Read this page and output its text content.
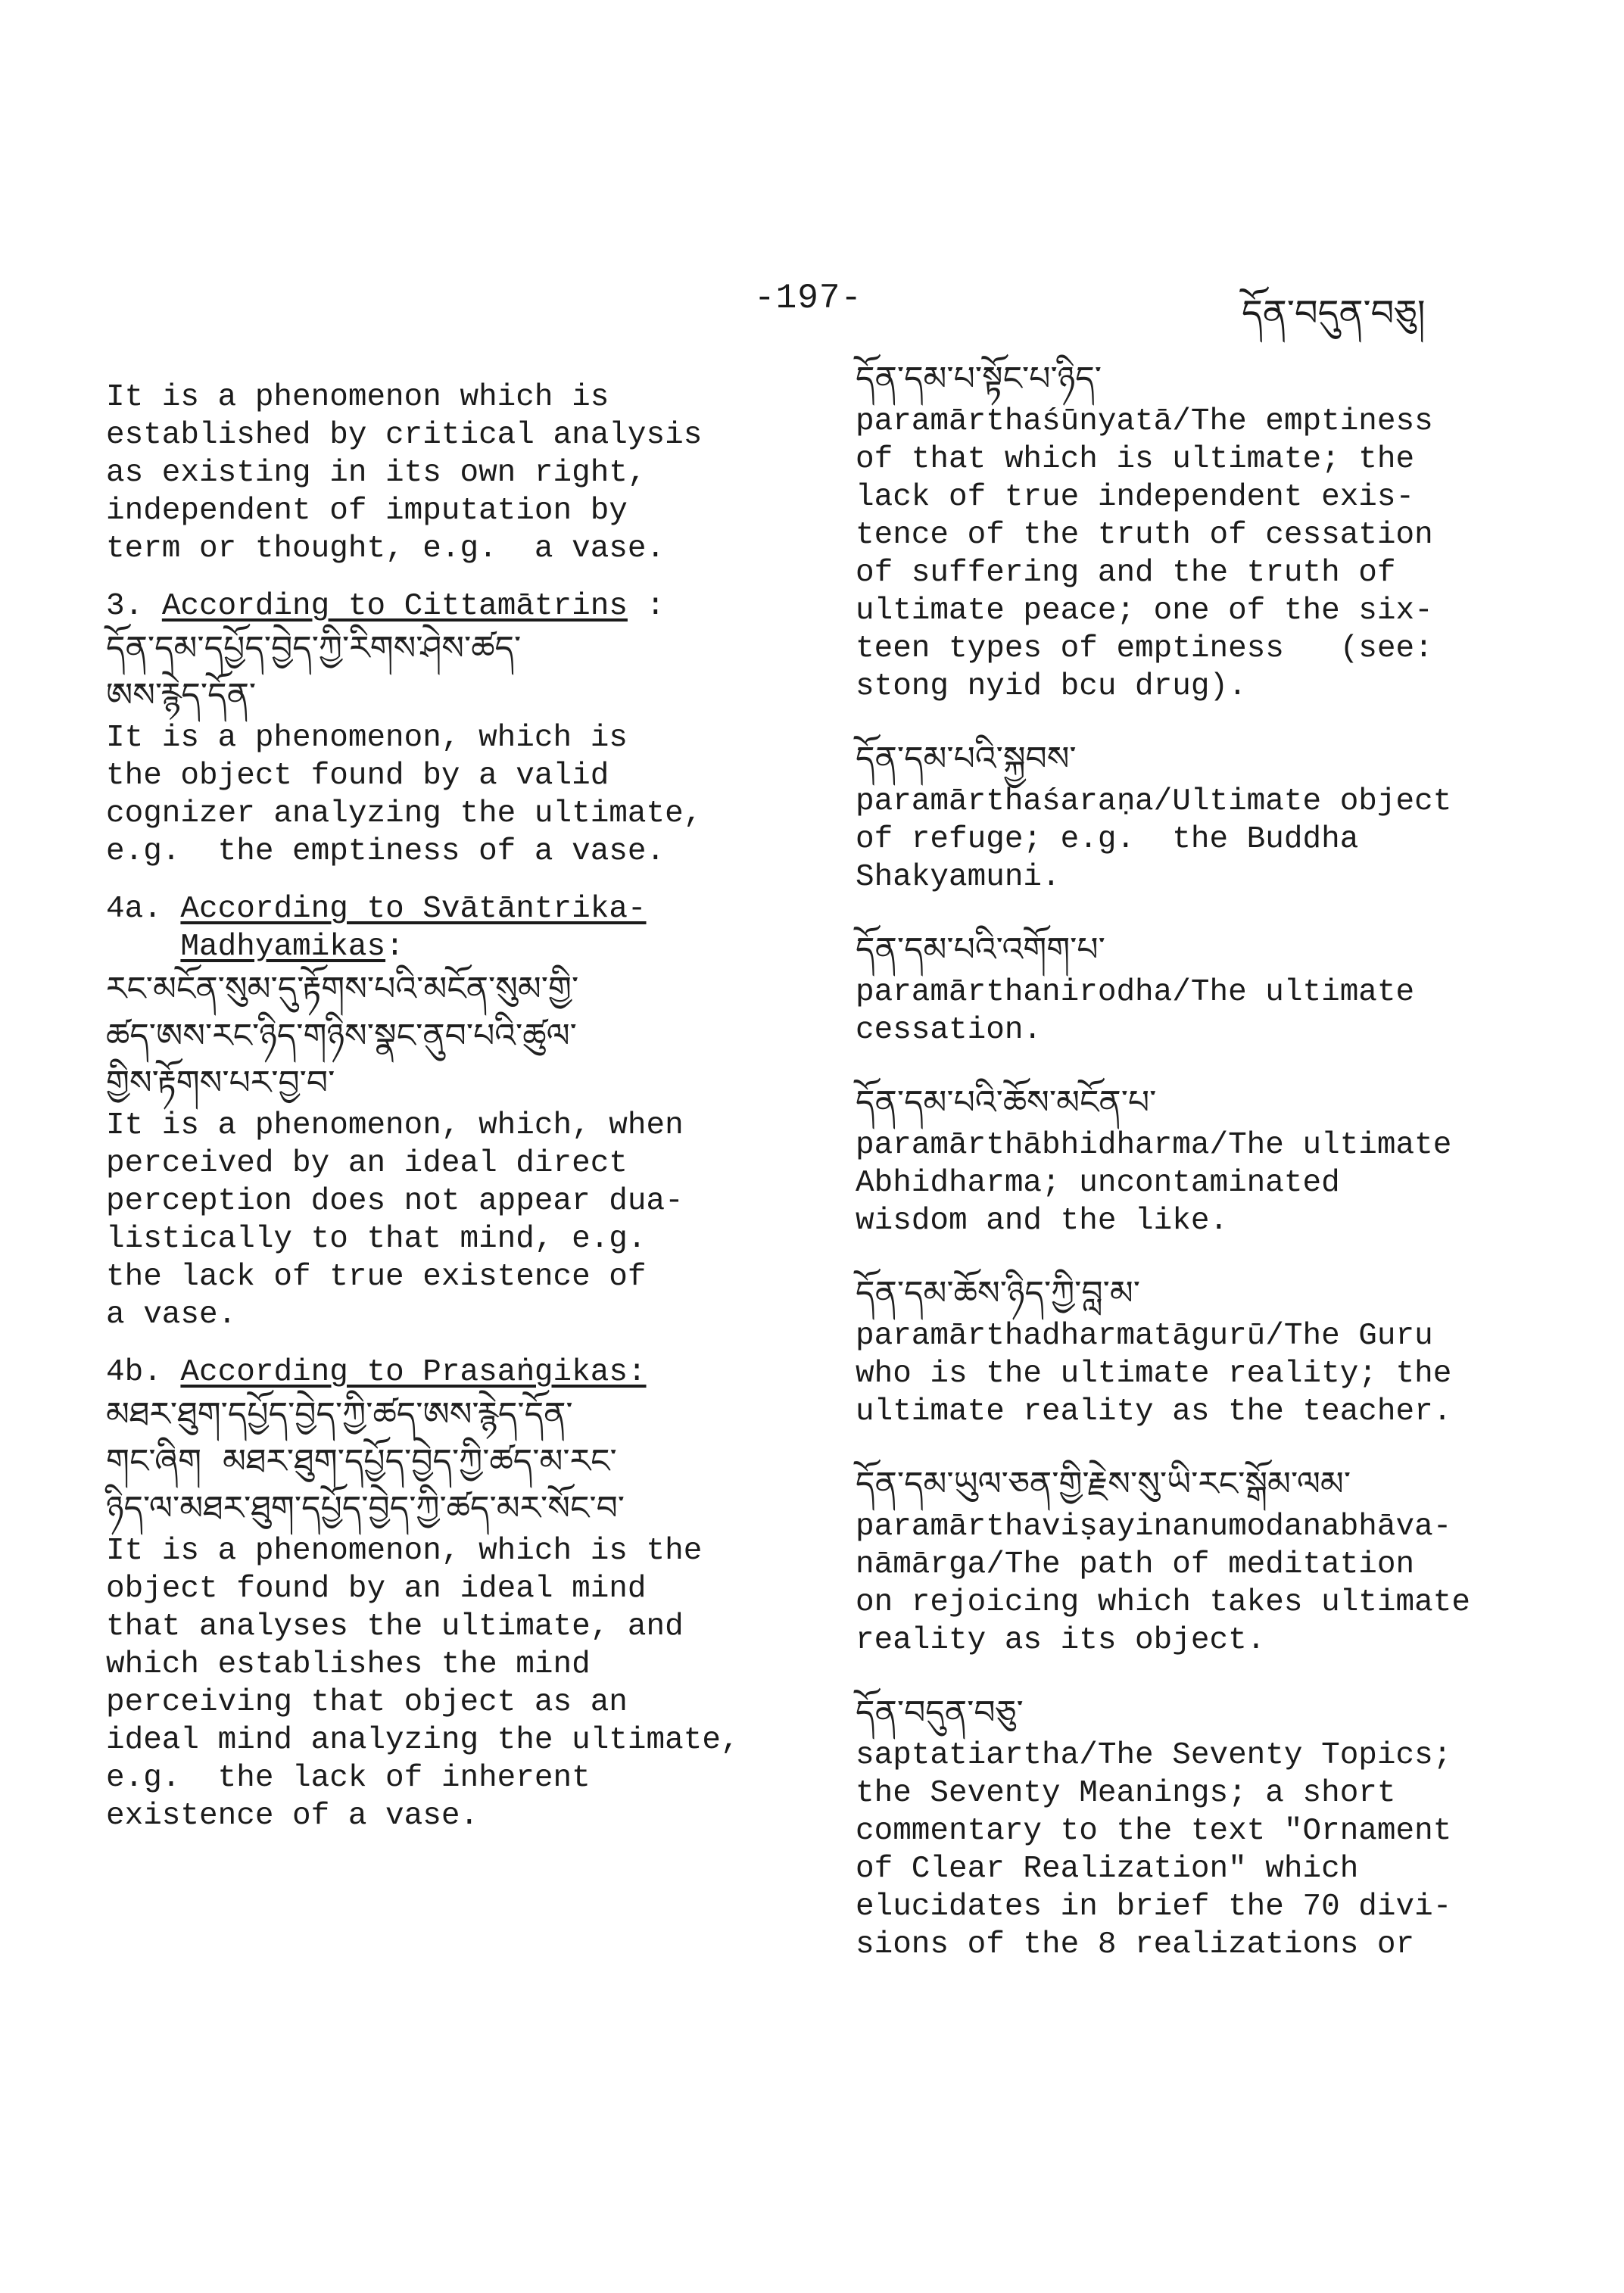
-197-	དོན་བདུན་བཅུ།

It is a phenomenon which is

established by critical analysis

as existing in its own right,

independent of imputation by

term or thought, e.g.  a vase.

3. According to Cittamātrins :

དོན་དམ་དཔྱོད་བྱེད་ཀྱི་རིགས་ཤེས་ཚད་

ཨས་རྙེད་དོན་

It is a phenomenon, which is

the object found by a valid

cognizer analyzing the ultimate,

e.g.  the emptiness of a vase.

4a. According to Svātāntrika-

Madhyamikas:

རང་མངོན་སུམ་དུ་རྟོགས་པའི་མངོན་སུམ་གྱི་

ཚད་ཨས་རང་ཉིད་གཉིས་སྣང་ནུབ་པའི་ཚུལ་

གྱིས་རྟོགས་པར་བྱ་བ་

It is a phenomenon, which, when

perceived by an ideal direct

perception does not appear dua-

listically to that mind, e.g.

the lack of true existence of

a vase.

4b. According to Prasaṅgikas:

མཐར་ཐུག་དཔྱོད་བྱེད་ཀྱི་ཚད་ཨས་རྙེད་དོན་

གང་ཞིག  མཐར་ཐུག་དཔྱོད་བྱེད་ཀྱི་ཚད་མ་རང་

ཉིད་ལ་མཐར་ཐུག་དཔྱོད་བྱེད་ཀྱི་ཚད་མར་སོང་བ་

It is a phenomenon, which is the

object found by an ideal mind

that analyses the ultimate, and

which establishes the mind

perceiving that object as an

ideal mind analyzing the ultimate,

e.g.  the lack of inherent

existence of a vase.

དོན་དམ་པ་སྟོང་པ་ཉིད་

paramārthaśūnyatā/The emptiness

of that which is ultimate; the

lack of true independent exis-

tence of the truth of cessation

of suffering and the truth of

ultimate peace; one of the six-

teen types of emptiness   (see:

stong nyid bcu drug).

དོན་དམ་པའི་སྐྱབས་

paramārthaśaraṇa/Ultimate object

of refuge; e.g.  the Buddha

Shakyamuni.

དོན་དམ་པའི་འགོག་པ་

paramārthanirodha/The ultimate

cessation.

དོན་དམ་པའི་ཆོས་མངོན་པ་

paramārthābhidharma/The ultimate

Abhidharma; uncontaminated

wisdom and the like.

དོན་དམ་ཆོས་ཉིད་ཀྱི་བླ་མ་

paramārthadharmatāgurū/The Guru

who is the ultimate reality; the

ultimate reality as the teacher.

དོན་དམ་ཡུལ་ཅན་གྱི་རྗེས་སུ་ཡི་རང་སྒོམ་ལམ་

paramārthaviṣayinanumodanabhāva-

nāmārga/The path of meditation

on rejoicing which takes ultimate

reality as its object.

དོན་བདུན་བཅུ་

saptatiartha/The Seventy Topics;

the Seventy Meanings; a short

commentary to the text "Ornament

of Clear Realization" which

elucidates in brief the 70 divi-

sions of the 8 realizations or
